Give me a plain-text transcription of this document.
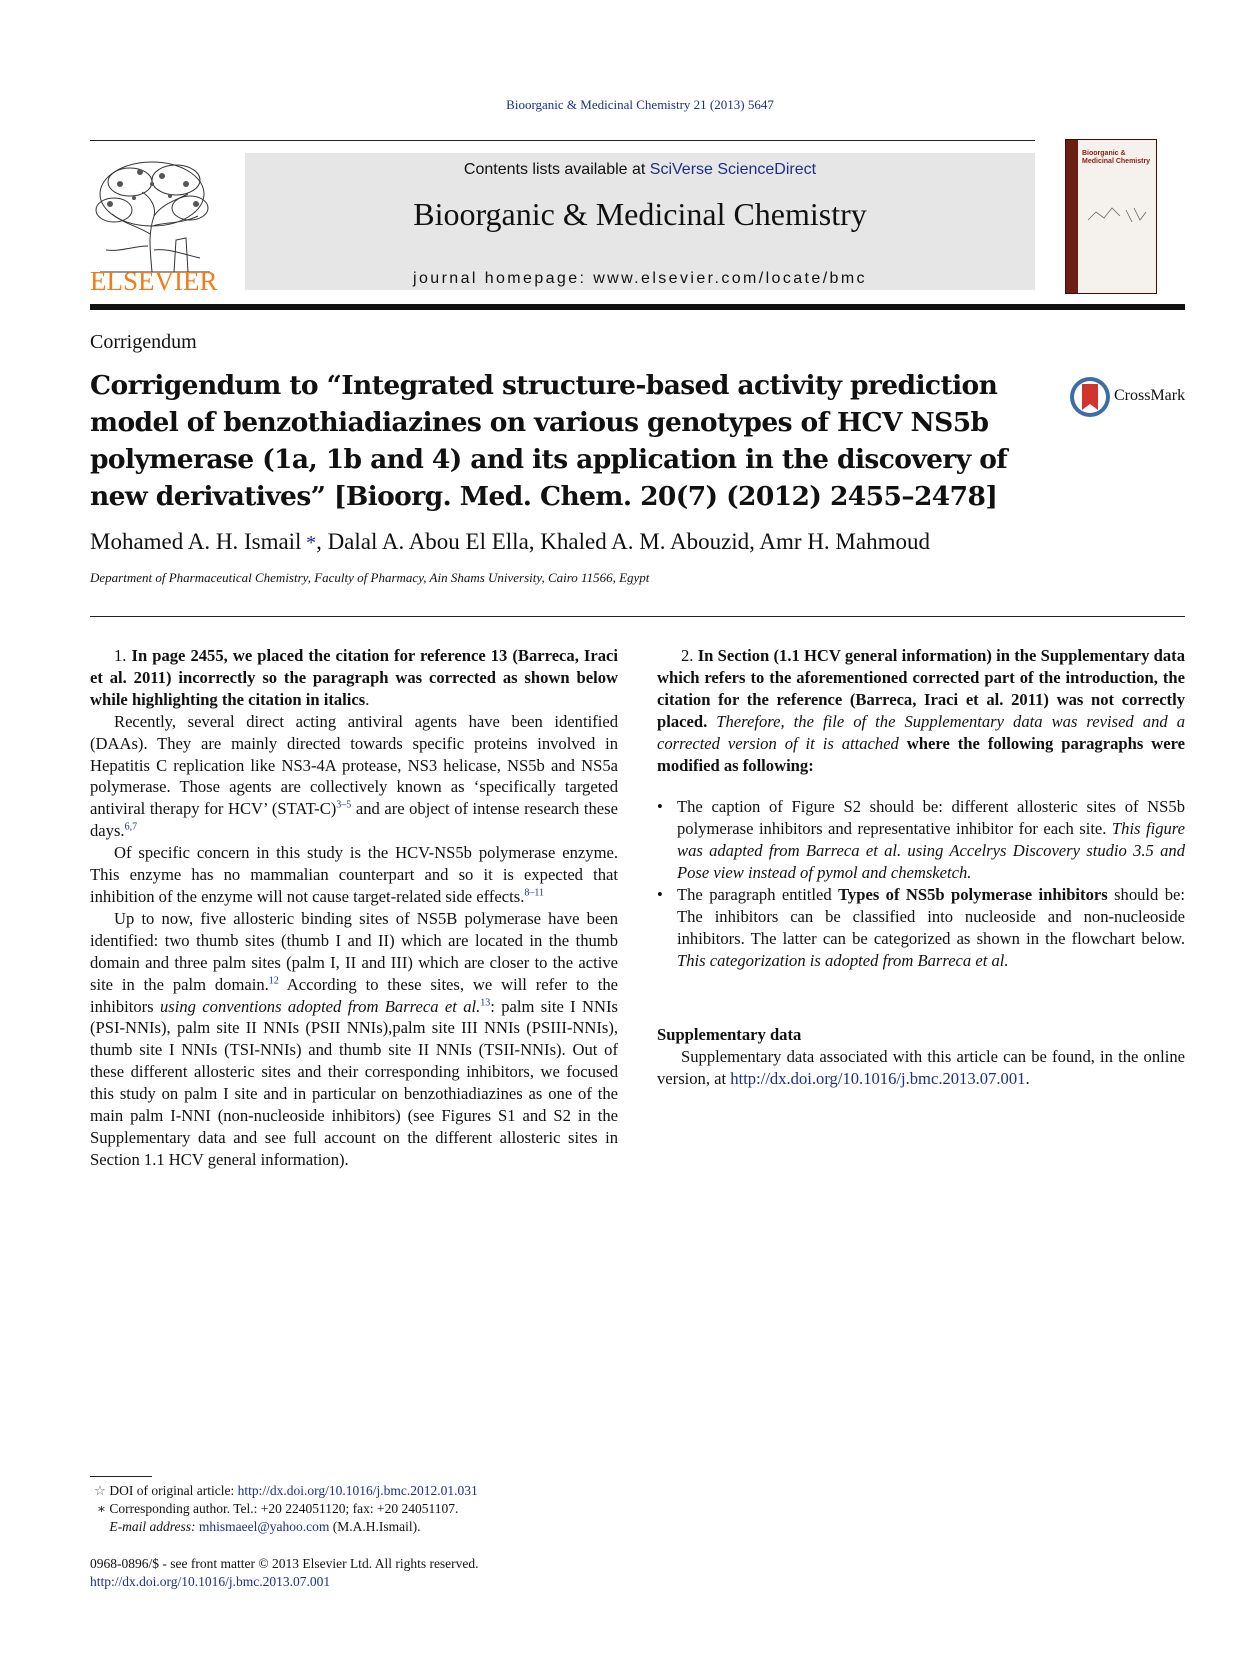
Bioorganic & Medicinal Chemistry 21 (2013) 5647
ELSEVIER
Contents lists available at SciVerse ScienceDirect
Bioorganic & Medicinal Chemistry
journal homepage: www.elsevier.com/locate/bmc
Bioorganic & Medicinal Chemistry
Corrigendum
Corrigendum to “Integrated structure-based activity prediction model of benzothiadiazines on various genotypes of HCV NS5b polymerase (1a, 1b and 4) and its application in the discovery of new derivatives” [Bioorg. Med. Chem. 20(7) (2012) 2455–2478]
CrossMark
Mohamed A. H. Ismail  *, Dalal A. Abou El Ella, Khaled A. M. Abouzid, Amr H. Mahmoud
Department of Pharmaceutical Chemistry, Faculty of Pharmacy, Ain Shams University, Cairo 11566, Egypt

1. In page 2455, we placed the citation for reference 13 (Barreca, Iraci et al. 2011) incorrectly so the paragraph was corrected as shown below while highlighting the citation in italics.

Recently, several direct acting antiviral agents have been identified (DAAs). They are mainly directed towards specific proteins involved in Hepatitis C replication like NS3-4A protease, NS3 helicase, NS5b and NS5a polymerase. Those agents are collectively known as ‘specifically targeted antiviral therapy for HCV’ (STAT-C)$^{3-5}$ and are object of intense research these days.$^{6,7}$

Of specific concern in this study is the HCV-NS5b polymerase enzyme. This enzyme has no mammalian counterpart and so it is expected that inhibition of the enzyme will not cause target-related side effects.$^{8-11}$

Up to now, five allosteric binding sites of NS5B polymerase have been identified: two thumb sites (thumb I and II) which are located in the thumb domain and three palm sites (palm I, II and III) which are closer to the active site in the palm domain.$^{12}$ According to these sites, we will refer to the inhibitors using conventions adopted from Barreca et al.$^{13}$: palm site I NNIs (PSI-NNIs), palm site II NNIs (PSII NNIs),palm site III NNIs (PSIII-NNIs), thumb site I NNIs (TSI-NNIs) and thumb site II NNIs (TSII-NNIs). Out of these different allosteric sites and their corresponding inhibitors, we focused this study on palm I site and in particular on benzothiadiazines as one of the main palm I-NNI (non-nucleoside inhibitors) (see Figures S1 and S2 in the Supplementary data and see full account on the different allosteric sites in Section 1.1 HCV general information).

2. In Section (1.1 HCV general information) in the Supplementary data which refers to the aforementioned corrected part of the introduction, the citation for the reference (Barreca, Iraci et al. 2011) was not correctly placed. Therefore, the file of the Supplementary data was revised and a corrected version of it is attached where the following paragraphs were modified as following:

• The caption of Figure S2 should be: different allosteric sites of NS5b polymerase inhibitors and representative inhibitor for each site. This figure was adapted from Barreca et al. using Accelrys Discovery studio 3.5 and Pose view instead of pymol and chemsketch.
• The paragraph entitled Types of NS5b polymerase inhibitors should be: The inhibitors can be classified into nucleoside and non-nucleoside inhibitors. The latter can be categorized as shown in the flowchart below. This categorization is adopted from Barreca et al.
Supplementary data

Supplementary data associated with this article can be found, in the online version, at http://dx.doi.org/10.1016/j.bmc.2013.07.001.

☆ DOI of original article: http://dx.doi.org/10.1016/j.bmc.2012.01.031
∗ Corresponding author. Tel.: +20 224051120; fax: +20 24051107.
E-mail address: mhismaeel@yahoo.com (M.A.H.Ismail).
0968-0896/$ - see front matter © 2013 Elsevier Ltd. All rights reserved.
http://dx.doi.org/10.1016/j.bmc.2013.07.001
